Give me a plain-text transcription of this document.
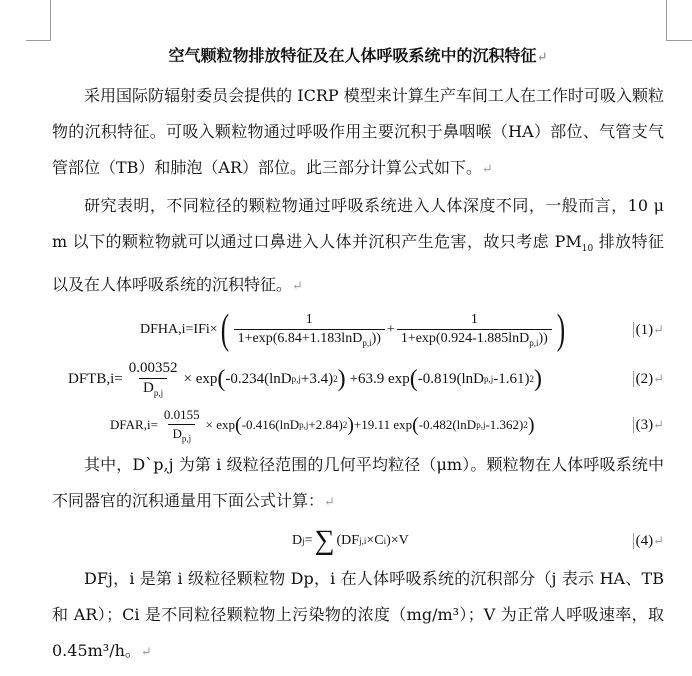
空气颗粒物排放特征及在人体呼吸系统中的沉积特征↵

采用国际防辐射委员会提供的 ICRP 模型来计算生产车间工人在工作时可吸入颗粒物的沉积特征。可吸入颗粒物通过呼吸作用主要沉积于鼻咽喉（HA）部位、气管支气管部位（TB）和肺泡（AR）部位。此三部分计算公式如下。↵

研究表明，不同粒径的颗粒物通过呼吸系统进入人体深度不同，一般而言，10 μ m 以下的颗粒物就可以通过口鼻进入人体并沉积产生危害，故只考虑 $PM_{10}$ 排放特征以及在人体呼吸系统的沉积特征。↵

DFHA,i=IFi× ( $\frac{1}{1+\exp(6.84+1.183\ln D_{p,i}))} + \frac{1}{1+\exp(0.924-1.885\ln D_{p,i}))}$ )	(1) ↵
DFTB,i= $\frac{0.00352}{D_{p,j}} \times \exp$ ( -0.234(lnD p,j +3.4) 2 ) +63.9 exp ( -0.819(lnD p,j -1.61) 2 )	(2) ↵
DFAR,i= $\frac{0.0155}{D_{p,j}} \times \exp$ ( -0.416(lnD p,j +2.84) 2 ) +19.11 exp ( -0.482(lnD p,j -1.362) 2 )	(3) ↵

其中，D`p,j 为第 i 级粒径范围的几何平均粒径（μm）。颗粒物在人体呼吸系统中不同器官的沉积通量用下面公式计算：↵

D j = ∑ (DF j,i ×C i )×V	(4) ↵

DFj，i 是第 i 级粒径颗粒物 Dp，i 在人体呼吸系统的沉积部分（j 表示 HA、TB 和 AR）；Ci 是不同粒径颗粒物上污染物的浓度（mg/m³）；V 为正常人呼吸速率，取 0.45m³/h。↵
